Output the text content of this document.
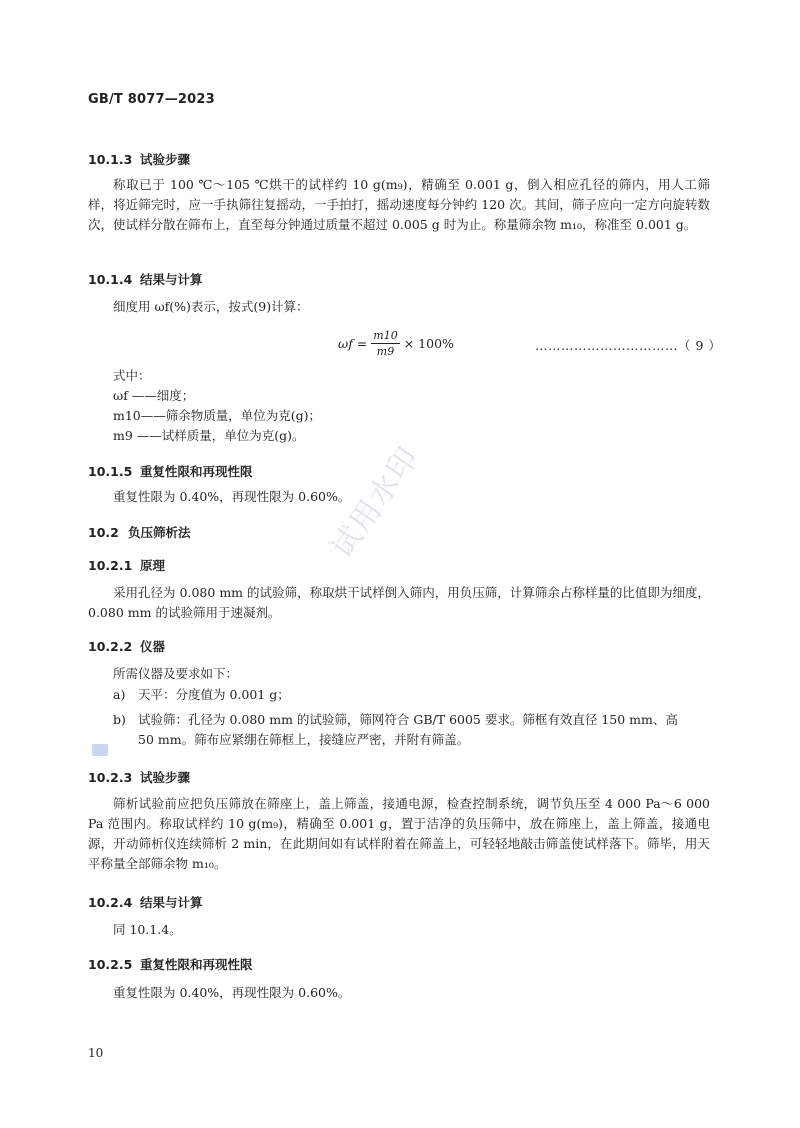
GB/T 8077—2023
10.1.3 试验步骤
称取已于 100 ℃～105 ℃烘干的试样约 10 g(m₉)，精确至 0.001 g，倒入相应孔径的筛内，用人工筛样，将近筛完时，应一手执筛往复摇动，一手拍打，摇动速度每分钟约 120 次。其间，筛子应向一定方向旋转数次，使试样分散在筛布上，直至每分钟通过质量不超过 0.005 g 时为止。称量筛余物 m₁₀，称准至 0.001 g。
10.1.4 结果与计算
细度用 ωf(%)表示，按式(9)计算：
$\omega f = \frac{m10}{m9} \times 100\%$	……………………………（ 9 ）
式中：
ωf ——细度；
m10——筛余物质量，单位为克(g)；
m9 ——试样质量，单位为克(g)。
10.1.5 重复性限和再现性限
重复性限为 0.40%，再现性限为 0.60%。
10.2 负压筛析法
10.2.1 原理
采用孔径为 0.080 mm 的试验筛，称取烘干试样倒入筛内，用负压筛，计算筛余占称样量的比值即为细度，0.080 mm 的试验筛用于速凝剂。
10.2.2 仪器
所需仪器及要求如下：
a) 天平：分度值为 0.001 g；
b) 试验筛：孔径为 0.080 mm 的试验筛，筛网符合 GB/T 6005 要求。筛框有效直径 150 mm、高
50 mm。筛布应紧绷在筛框上，接缝应严密，并附有筛盖。
10.2.3 试验步骤
筛析试验前应把负压筛放在筛座上，盖上筛盖，接通电源，检查控制系统，调节负压至 4 000 Pa～6 000 Pa 范围内。称取试样约 10 g(m₉)，精确至 0.001 g，置于洁净的负压筛中，放在筛座上，盖上筛盖，接通电源，开动筛析仪连续筛析 2 min，在此期间如有试样附着在筛盖上，可轻轻地敲击筛盖使试样落下。筛毕，用天平称量全部筛余物 m₁₀。
10.2.4 结果与计算
同 10.1.4。
10.2.5 重复性限和再现性限
重复性限为 0.40%，再现性限为 0.60%。
试用水印
10
